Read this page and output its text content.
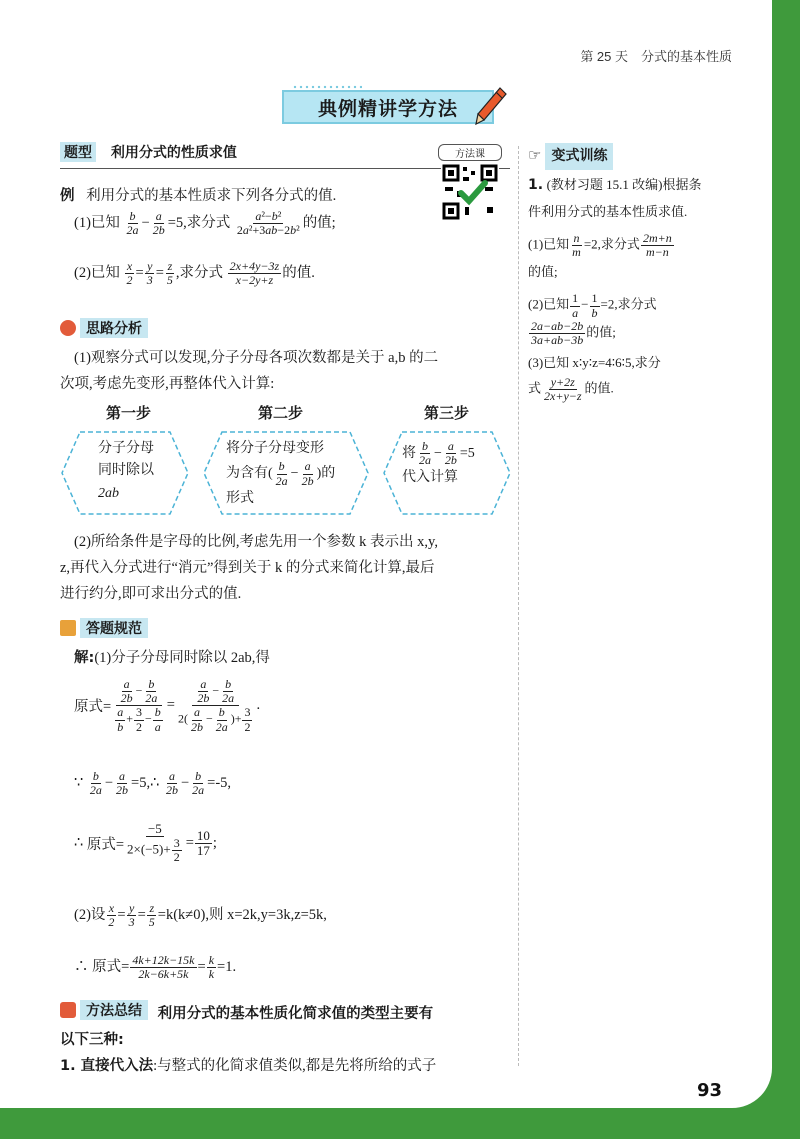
第 25 天　分式的基本性质
典例精讲学方法
题型 利用分式的性质求值	方法课
例 利用分式的基本性质求下列各分式的值.
(1)已知 $\frac{b}{2a} - \frac{a}{2b} =5$,求分式 $\frac{\text{a²−b²}}{\text{2a²+3ab−2b²}}$ 的值;
(2)已知 $\frac{x}{2} = \frac{y}{3} = \frac{z}{5}$ ,求分式 $\frac{2x+4y-3z}{x-2y+z}$ 的值.
思路分析
(1)观察分式可以发现,分子分母各项次数都是关于 a,b 的二
次项,考虑先变形,再整体代入计算:
第一步	第二步	第三步
分子分母
同时除以
2ab
将分子分母变形
为含有( $\frac{b}{2a} - \frac{a}{2b}$ )的
形式
将 $\frac{b}{2a} - \frac{a}{2b} =5$
代入计算
(2)所给条件是字母的比例,考虑先用一个参数 k 表示出 x,y,
z,再代入分式进行“消元”得到关于 k 的分式来简化计算,最后
进行约分,即可求出分式的值.
答题规范
解:(1)分子分母同时除以 2ab,得
原式= $\frac{\frac{a}{2b} - \frac{b}{2a}}{\frac{a}{b} + \frac{3}{2} - \frac{b}{a}} = \frac{\frac{a}{2b} - \frac{b}{2a}}{2( \frac{a}{2b} - \frac{b}{2a} )+ \frac{3}{2}}$ .
∵ $\frac{b}{2a} - \frac{a}{2b}$ =5,∴ $\frac{a}{2b} - \frac{b}{2a} =-5$,
∴
原式= $\frac{-5}{2\times(-5)+ \frac{3}{2}} = \frac{10}{17}$ ;
(2)设 $\frac{x}{2} = \frac{y}{3} = \frac{z}{5} =k(k\ne 0)$,则 x=2k,y=3k,z=5k,
∴ 原式= $\frac{4k+12k-15k}{2k-6k+5k} = \frac{k}{k} =1$.
方法总结	利用分式的基本性质化简求值的类型主要有
以下三种:
1. 直接代入法:与整式的化简求值类似,都是先将所给的式子
☞ 变式训练
1. (教材习题 15.1 改编)根据条
件利用分式的基本性质求值.
(1)已知 $\frac{n}{m} =2$,求分式 $\frac{2m+n}{m-n}$
的值;
(2)已知 $\frac{1}{a} - \frac{1}{b} =2$,求分式
$\frac{2a-ab-2b}{3a+ab-3b}$ 的值;
(3)已知 x∶y∶z=4∶6∶5,求分
式 $\frac{y+2z}{2x+y-z}$ 的值.
93
